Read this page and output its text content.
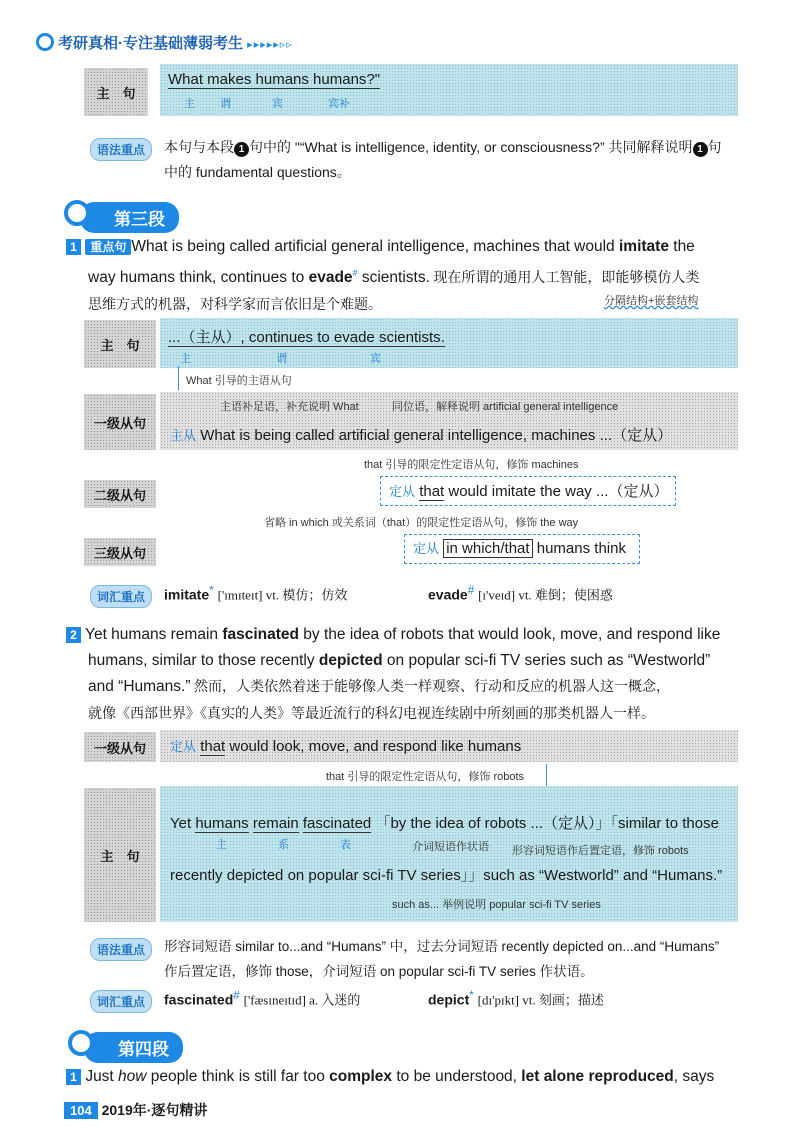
考研真相·专注基础薄弱考生 ▸▸▸▸▸▹▹
主　句
What makes humans humans?"
主 谓	宾	宾补
语法重点	本句与本段 1 句中的 "“What is intelligence, identity, or consciousness?” 共同解释说明 1 句
中的 fundamental questions。
第三段
1 重点句 What is being called artificial general intelligence, machines that would imitate the
way humans think, continues to evade# scientists. 现在所谓的通用人工智能，即能够模仿人类
思维方式的机器，对科学家而言依旧是个难题。	分隔结构+嵌套结构
主　句	...（主从）, continues to evade scientists.
主	谓	宾
What 引导的主语从句
一级从句
主语补足语，补充说明 What	同位语，解释说明 artificial general intelligence
主从 What is being called artificial general intelligence, machines ...（定从）
that 引导的限定性定语从句，修饰 machines
二级从句	定从 that would imitate the way ...（定从）
省略 in which 或关系词（that）的限定性定语从句，修饰 the way
三级从句	定从 in which/that humans think
词汇重点	imitate* ['ɪmɪteɪt] vt. 模仿；仿效	evade# [ɪ'veɪd] vt. 难倒；使困惑
2 Yet humans remain fascinated by the idea of robots that would look, move, and respond like
humans, similar to those recently depicted on popular sci-fi TV series such as “Westworld”
and “Humans.” 然而，人类依然着迷于能够像人类一样观察、行动和反应的机器人这一概念，
就像《西部世界》《真实的人类》等最近流行的科幻电视连续剧中所刻画的那类机器人一样。
一级从句	定从 that would look, move, and respond like humans
that 引导的限定性定语从句，修饰 robots
主　句
Yet humans remain fascinated 「by the idea of robots ...（定从）」「similar to those
主	系	表	介词短语作状语 形容词短语作后置定语，修饰 robots
recently depicted on popular sci-fi TV series」」such as “Westworld” and “Humans.”
such as... 举例说明 popular sci-fi TV series
语法重点	形容词短语 similar to...and “Humans” 中，过去分词短语 recently depicted on...and “Humans”
作后置定语，修饰 those，介词短语 on popular sci-fi TV series 作状语。
词汇重点	fascinated# ['fæsɪneɪtɪd] a. 入迷的	depict* [dɪ'pɪkt] vt. 刻画；描述
第四段
1 Just how people think is still far too complex to be understood, let alone reproduced, says
104 2019年·逐句精讲
